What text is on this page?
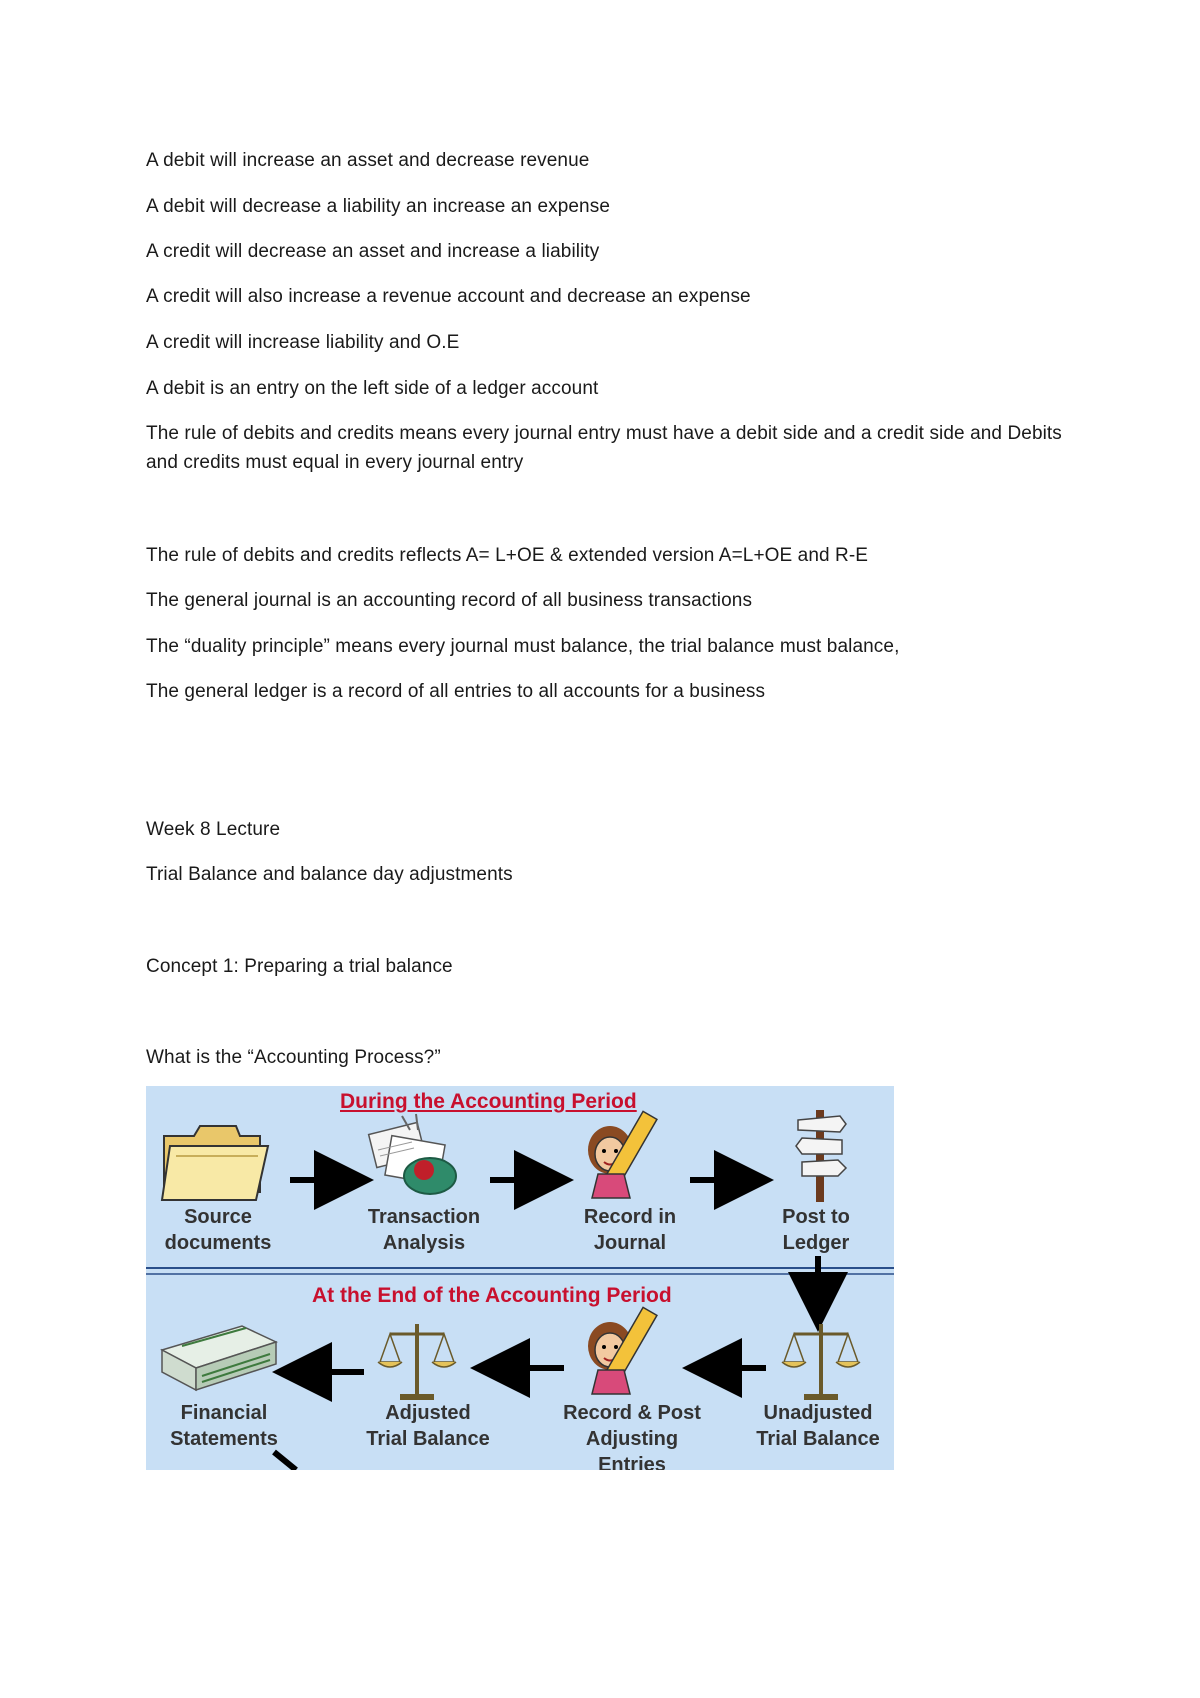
A debit will increase an asset and decrease revenue
A debit will decrease a liability an increase an expense
A credit will decrease an asset and increase a liability
A credit will also increase a revenue account and decrease an expense
A credit will increase liability and O.E
A debit is an entry on the left side of a ledger account
The rule of debits and credits means every journal entry must have a debit side and a credit side and Debits and credits must equal in every journal entry
The rule of debits and credits reflects A= L+OE & extended version A=L+OE and R-E
The general journal is an accounting record of all business transactions
The “duality principle” means every journal must balance, the trial balance must balance,
The general ledger is a record of all entries to all accounts for a business
Week 8 Lecture
Trial Balance and balance day adjustments
Concept 1: Preparing a trial balance
What is the “Accounting Process?”
During the Accounting Period
At the End of the Accounting Period
Source
documents
Transaction
Analysis
Record in
Journal
Post to
Ledger
Financial
Statements
Adjusted
Trial Balance
Record & Post
Adjusting
Entries
Unadjusted
Trial Balance
